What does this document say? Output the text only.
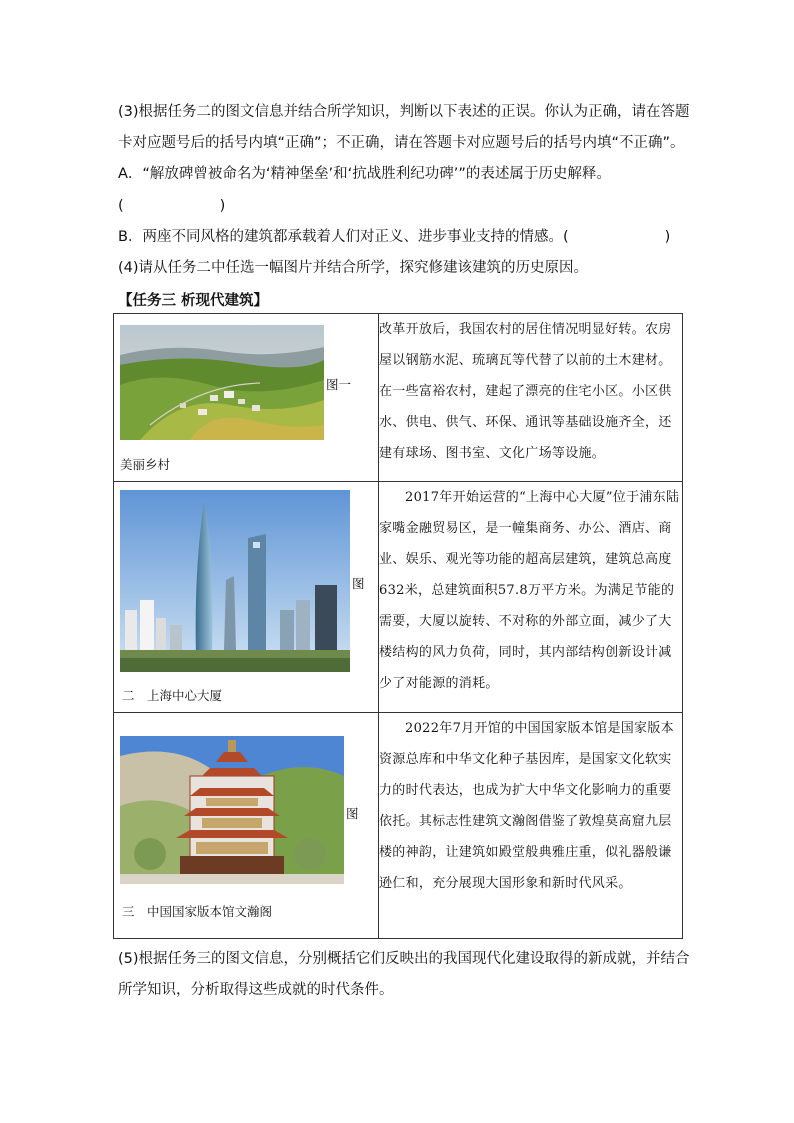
(3)根据任务二的图文信息并结合所学知识，判断以下表述的正误。你认为正确，请在答题
卡对应题号后的括号内填“正确”；不正确，请在答题卡对应题号后的括号内填“不正确”。
A．“解放碑曾被命名为‘精神堡垒’和‘抗战胜利纪功碑’”的表述属于历史解释。
(	)
B．两座不同风格的建筑都承载着人们对正义、进步事业支持的情感。(	)
(4)请从任务二中任选一幅图片并结合所学，探究修建该建筑的历史原因。
【任务三 析现代建筑】
图一
美丽乡村	改革开放后，我国农村的居住情况明显好转。农房屋以钢筋水泥、琉璃瓦等代替了以前的土木建材。在一些富裕农村，建起了漂亮的住宅小区。小区供水、供电、供气、环保、通讯等基础设施齐全，还建有球场、图书室、文化广场等设施。

图
二　上海中心大厦	2017年开始运营的“上海中心大厦”位于浦东陆家嘴金融贸易区，是一幢集商务、办公、酒店、商业、娱乐、观光等功能的超高层建筑，建筑总高度632米，总建筑面积57.8万平方米。为满足节能的需要，大厦以旋转、不对称的外部立面，减少了大楼结构的风力负荷，同时，其内部结构创新设计减少了对能源的消耗。

图
三　中国国家版本馆文瀚阁	2022年7月开馆的中国国家版本馆是国家版本资源总库和中华文化种子基因库，是国家文化软实力的时代表达，也成为扩大中华文化影响力的重要依托。其标志性建筑文瀚阁借鉴了敦煌莫高窟九层楼的神韵，让建筑如殿堂般典雅庄重，似礼器般谦逊仁和，充分展现大国形象和新时代风采。
(5)根据任务三的图文信息，分别概括它们反映出的我国现代化建设取得的新成就，并结合
所学知识，分析取得这些成就的时代条件。
